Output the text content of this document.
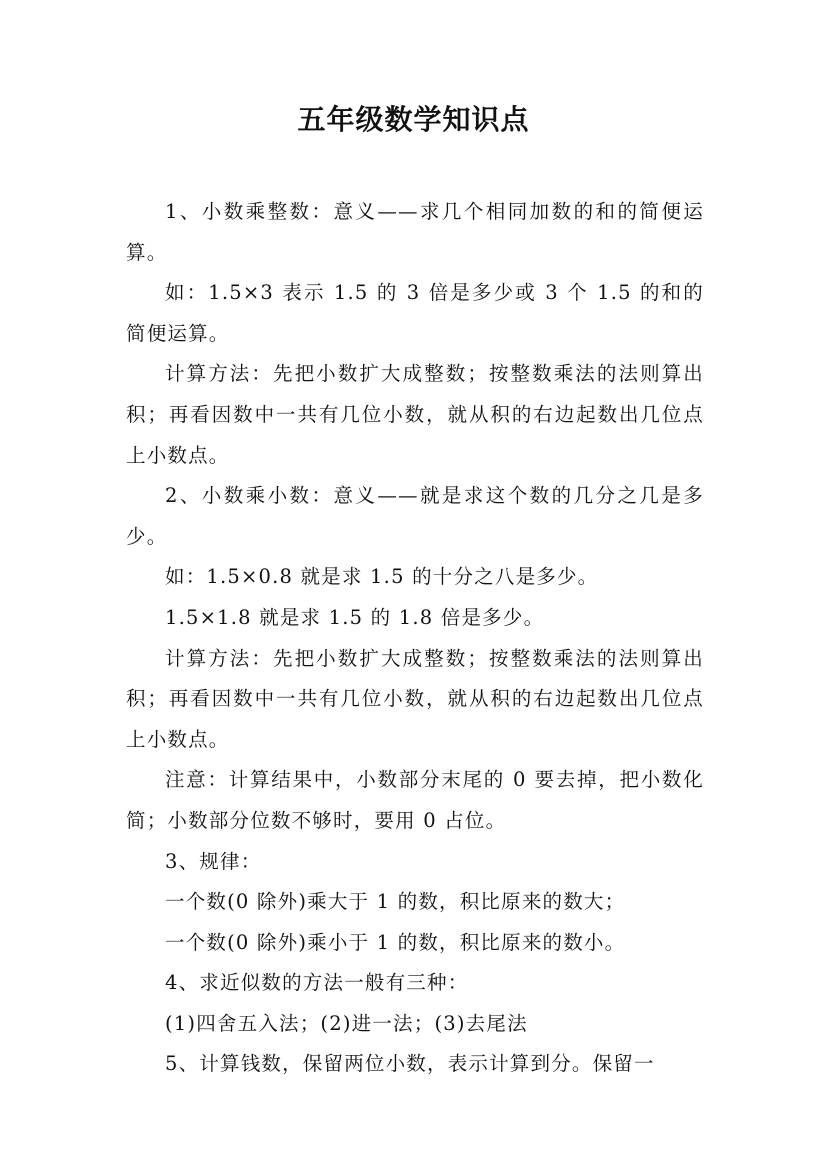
五年级数学知识点

1、小数乘整数：意义——求几个相同加数的和的简便运算。

如：1.5×3 表示 1.5 的 3 倍是多少或 3 个 1.5 的和的简便运算。

计算方法：先把小数扩大成整数；按整数乘法的法则算出积；再看因数中一共有几位小数，就从积的右边起数出几位点上小数点。

2、小数乘小数：意义——就是求这个数的几分之几是多少。

如：1.5×0.8 就是求 1.5 的十分之八是多少。

1.5×1.8 就是求 1.5 的 1.8 倍是多少。

计算方法：先把小数扩大成整数；按整数乘法的法则算出积；再看因数中一共有几位小数，就从积的右边起数出几位点上小数点。

注意：计算结果中，小数部分末尾的 0 要去掉，把小数化简；小数部分位数不够时，要用 0 占位。

3、规律：

一个数(0 除外)乘大于 1 的数，积比原来的数大；

一个数(0 除外)乘小于 1 的数，积比原来的数小。

4、求近似数的方法一般有三种：

(1)四舍五入法；(2)进一法；(3)去尾法

5、计算钱数，保留两位小数，表示计算到分。保留一
